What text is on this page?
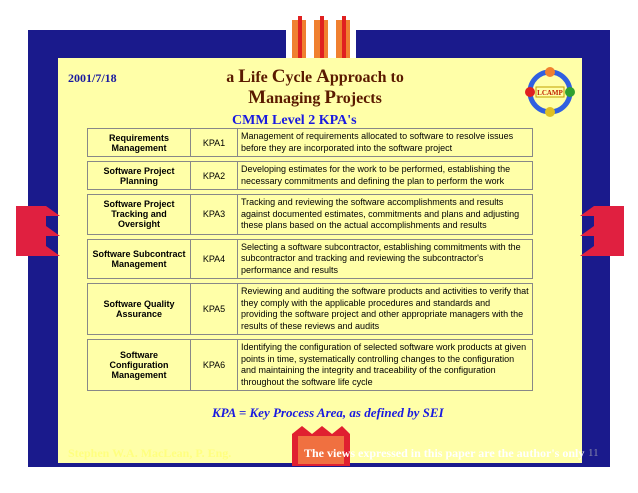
2001/7/18	a Life Cycle Approach to
Managing Projects	LCAMP
CMM Level 2 KPA's
Requirements Management	KPA1	Management of requirements allocated to software to resolve issues before they are incorporated into the software project

Software Project Planning	KPA2	Developing estimates for the work to be performed, establishing the necessary commitments and defining the plan to perform the work

Software Project Tracking and Oversight	KPA3	Tracking and reviewing the software accomplishments and results against documented estimates, commitments and plans and adjusting these plans based on the actual accomplishments and results

Software Subcontract Management	KPA4	Selecting a software subcontractor, establishing commitments with the subcontractor and tracking and reviewing the subcontractor's performance and results

Software Quality Assurance	KPA5	Reviewing and auditing the software products and activities to verify that they comply with the applicable procedures and standards and providing the software project and other appropriate managers with the results of these reviews and audits

Software Configuration Management	KPA6	Identifying the configuration of selected software work products at given points in time, systematically controlling changes to the configuration and maintaining the integrity and traceability of the configuration throughout the software life cycle
KPA = Key Process Area, as defined by SEI
Stephen W.A. MacLean, P. Eng.	The views expressed in this paper are the author's only 11
